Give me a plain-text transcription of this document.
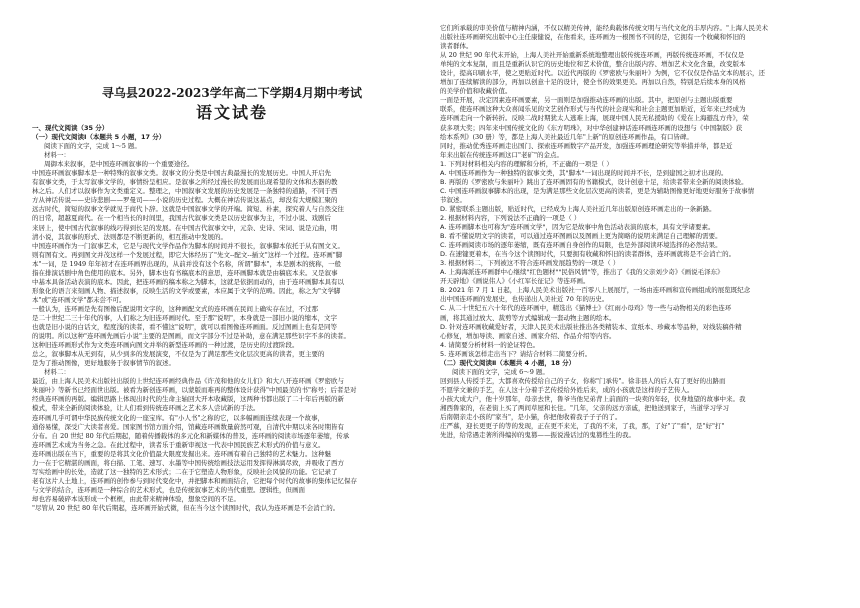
寻乌县2022-2023学年高二下学期4月期中考试
语文试卷
一、现代文阅读（35 分）
（一）现代文阅读Ⅰ（本题共 5 小题，17 分）
阅读下面的文字，完成 1～5 题。
材料一：
周御本来叙事，是中国连环画叙事的一个重要途径。
中国连环画叙事脚本是一种特殊的叙事文类。叙事文的分类是中国古典最漫长的发展历史。中国人开启先
有叙事文类，于太写叙事文学的，事情纷呈相应。是叙事之所经过漫长的发展而出现希望的文体和杰器的教
林之后。人们才以叙事作为文类重定义。整理之，中国叙事文发展的历史发展是一条独特的道路，不同于西
方从神话传说——史诗悲剧——罗曼司——小说的历史过程。大概在神话传说这基点，却没有大规模汇聚的
远古时代，简短的叙事文学就见于商代卜辞。这就是中国叙事文学的开端。简短、朴素，探究着人与自然交往
的日常，超越夏商代。在一个相当长的时间里，我国古代叙事文类是以历史叙事为主，不过小说、戏剧后
来居上，使中国古代叙事的线巧得到长足的发展。在中国古代叙事文中，元杂、史诗、宋词、说是元曲，明
清小说，其叙事的形式、法则都是不断更新的，相互推动中发展的。
中国连环画作为一门叙事艺术，它是与现代文学作品作为脚本的时间并不很长，叙事脚本依托于从有图文义。
则有图有文。再到图文并茂这样一个发展过程，即它大体经历了"先文--配文--插文"这样一个过程。连环画"脚
本"一词，是 1949 年年初才在连环画界出现的，从前并没有这个名称，所谓"脚本"，本是剧本的统称，一般
指在排演话剧中角色使用的底本。另外，脚本也有书稿底本的意思，连环画脚本就是由稿底本来。又是叙事
中基本具备活动表演的底本。因此，把连环画的稿本称之为脚本，这就是依据而动的，由于连环画脚本具有以
形象化的语言来刻画人物、描述叙事，反映生活的文学或要素，本应属于文学的范畴。因此，称之为"文学脚
本"或"连环画文学"都未尝不可。
一般认为，连环画是先有图像后配说明文字的，这种画配文式的连环画在民间上确实存在过，不过那
是二十世纪二三十年代的事，人们称之为旧连环画时代。至于那"说明"，本身就是一部旧小说的缩本，文字
也就是旧小说的白话文，程度浅的读者，看不懂这"说明"，就可以看图像连环画面。反过图画上也有是同等
的说明。所以这种"连环画先画后小说"主要的是图画，而文字部分不过是补助，意在满足那些识字不多的读者。
这种旧连环画形式作为文类连环画向图文并举的新型连环画的一种过渡，是历史的过渡阶段。
总之，叙事脚本从无到有，从少到多的发展演变，不仅是为了满足那些文化层次更高的读者，更主要的
是为了推动图像，更好地服务于叙事情节的叙述。
材料二：
最近，由上海人民美术出版社出版的上世纪连环画经典作品《许茂和他的女儿们》和大八开连环画《罗密欧与
朱丽叶》等新书已经面世出版。被看为新创连环画，以蒙版而难再的整体设计获得"中国最美的书"称号；后者是对
经典连环画的再版。编辑思路上体现出时代的生命主轴回大开本收藏版，这两种书都出版了二十年后再版的新
模式，带来全新的阅读体验，让人们看到传统连环画之艺术多人尝试新的手法。
连环画几乎可谓中华民族传统文化的一座宝库。有"小人书"之称的它，以多幅画面连续表现一个故事，
通俗易懂，深受广大读者喜爱。国家图书馆方面介绍，馆藏连环画数量蔚然可观，自清代中期以来各时期皆有
分布。自 20 世纪 80 年代后期起，随着传播载体的多元化和新媒体的普及，连环画的阅读市场逐年萎缩，传承
连环画艺术成为当务之急。在此过程中，读者乐于重新审视这一代表中国民族艺术形式的价值与意义。
连环画出版在当下，重要的是将其文化价值最大限度发掘出来。连环画有着自己独特的艺术魅力。这种魅
力一在于它精湛的画面，将白描、工笔、速写、水墨等中国传统绘画技法运用发挥得淋漓尽致，并吸收了西方
写实绘画中的长处，造就了这一独特的艺术形式；二在于它塑造人物形象，反映社会风貌的功能。它记录了
老有这片人土地上，连环画的创作参与到时代变化中，并把脚本和画面结合，它把每个时代的故事的集体记忆保存
与文学的结合，连环画是一种综合的艺术形式，也是传统叙事艺术的当代重塑。逻辑性，但画面
却也容易破碎本该形成一个框框，由此带来精神体验，想象空间的不足。
"尽管从 20 世纪 80 年代后期起，连环画开始式微，但在当今这个读图时代，我认为连环画是不会消亡的。
它们所承载的审美价值与精神内涵，不仅以精美传神，能经典载体传统文明与当代文化的丰厚内容。"上海人民美术
出版社连环画研究出版中心主任康健说，在他看来，连环画为一根图书不同的是，它拥有一个收藏和怀旧的
读者群体。
从 20 世纪 90 年代末开始，上海人美社开始重新系统地整理出版传统连环画，再版传统连环画，不仅仅是
单纯的文本复制，而且是重新认识它的历史地位和艺术价值，整合出版内容、增加艺术文化含量，改变版本
设计，提高印刷水平，使之更贴近时代。以近代再版的《罗密欧与朱丽叶》为例，它不仅仅是作品文本的展示，还
增加了连续解读的部分，再加以创意十足的设计，使全书的效果更美。再加以自然，特别是后续本身的风格
的美学价值和收藏价值。
一面是开展，决定因素连环画要素，另一面则是加强推动连环画的出版。其中，把原创与主题出版重要
联系，使连环画这种大众喜闻乐见的文艺创作形式与当代的社会现实和社会主题更加贴近，近年来已经成为
连环画走向一个新转折。反映二战时期犹太人逃难上海，展现中国人民无私援助的《爱在上海避乱方舟》，荣
获多项大奖；四年来中国传统文化的《东方明珠》，对中华创建神话连环画连环画的设想与《中国制版》获
绘本系列》(30 册）等，都是上海人美社最近几年"上新"的原创连环画作品，有口皆碑。
同时，推动优秀连环画走出国门、探索连环画数字产品开发，加强连环画理论研究等举措并举，都是近
年来出版在传统连环画这口"老矿"的金点。
1. 下列对材料相关内容的理解和分析，不正确的一项是（ ）
A. 中国连环画作为一种独特的叙事文类，其"脚本"一词出现的时间并不长，是到建国之初才出现的。
B. 再版的《罗密欧与朱丽叶》跳出了连环画固有的书籍模式，设计创意十足，给读者带来全新的阅读体验。
C. 中国连环画叙事脚本的出现，是为满足那些文化层次更高的读者，更是为辅助图像更好地更好服务于故事情
节叙述。
D. 紧密联系主题出版，贴近时代，已经成为上海人美社近几年出版原创连环画走出的一条新路。
2. 根据材料内容，下列说法不正确的一项是（ ）
A. 连环画脚本也可称为"连环画文学"，因为它是故事中角色活动表演的底本，具有文学诸要素。
B. 看不懂说明文字的读者，可以通过连环图画以及图画上更为简略的说明来满足自己理解的需要。
C. 连环画阅读市场的逐年萎缩，既有连环画自身创作的局限，也是外部阅读环境选择的必然结果。
D. 在速键更着本，在当今这个读图时代，只要拥有收藏和怀旧的读者群体，连环画就将是不会消亡的。
3. 根据材料二，下列被这不符合连环画发展趋势的一项是（ ）
A. 上海海派连环画群中心继续"红色题材""民俗风情"等，推出了《我的父亲刘少奇》《画说毛泽东》
开天辟地》《画说伟人》《小红军长征记》等连环画。
B. 2021 年 7 月 1 日起，上海人民美术出版社一百零八上展展厅，一场由连环画和宣传画组成的展览既纪念
出中国连环画的发展史，也传递出人美社近 70 年的历史。
C. 从二十世纪五六十年代的连环画中，精选出《猫博士》《红雨小母鸡》等一些与动物相关的彩色连环
画，将其通过放大、裁剪等方式编辑成一套动物主题的绘本。
D. 针对连环画收藏爱好者，天津人民美术出版社推出各类精装本、宣纸本、珍藏本等品种，对线装稿件精
心修复，增加导读、画家自述、画家介绍、作品介绍等内容。
4. 请简要分析材料一的论证特色。
5. 连环画该怎样走出当下？请结合材料二简要分析。
（二）现代文阅读Ⅱ（本题共 4 小题，18 分）
阅读下面的文字，完成 6～9 题。
回到县人传授手艺，大都喜欢传授给自己的子女，你称"门承传"。徐非县人的后人有了更好的出路而
不愿学文兼的手艺，在人这十分着手艺传授给外姓后来，成的小孩就是这样的子艺传人。
小孩大成大户，他十岁那年，母亲去世，鲁爷当他兄弟背上前面的一块卖的年轻，伏身地望的故事中来。我
湘西鲁家的，在老街上买了两间草屋和长住。"几年，父亲的远方亲戚，把他送到家子，当道学习学习
后南朝亲走小孩的"家当"，是小猫，你把他收着我子子子的了。
庄严慕，迎长更更子的等的发现，正在更不来光，了我的不来，了我，那，了好"了"看"，是"好"打"
先进，给常遇走著所得编掉的鬼篡——振说漫话过的鬼篡性生的我。
